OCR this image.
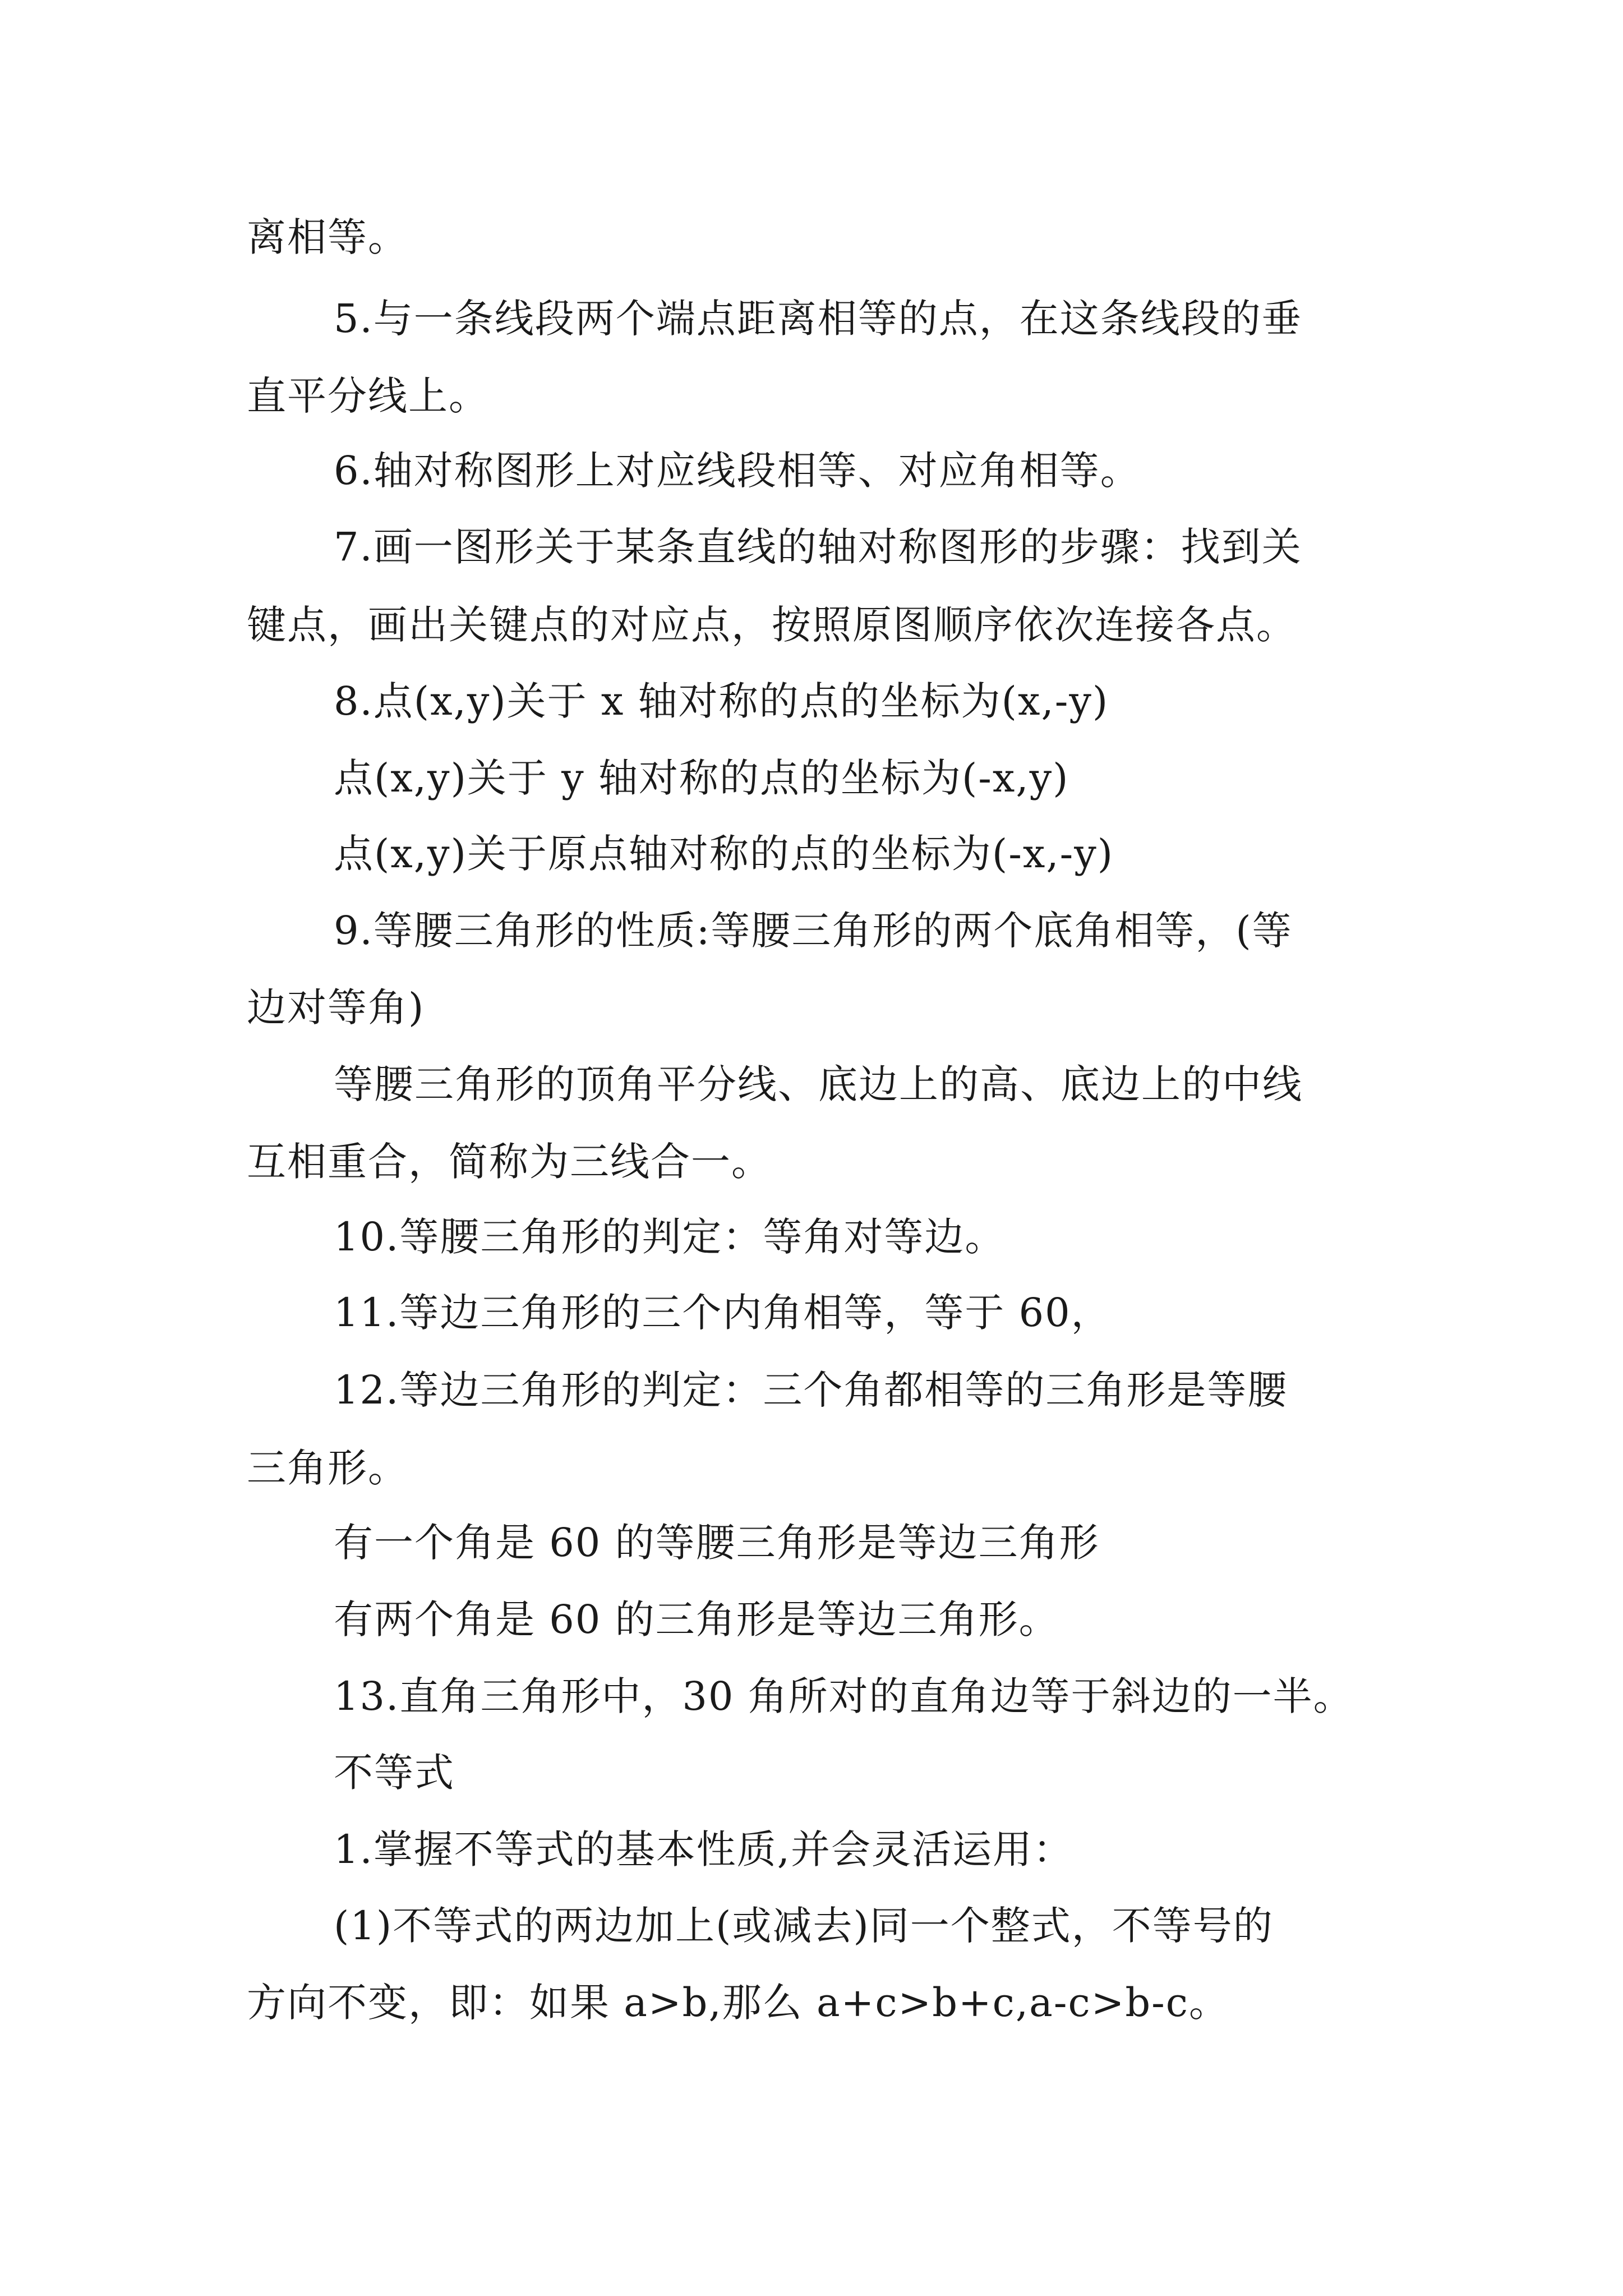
离相等。
5.与一条线段两个端点距离相等的点，在这条线段的垂
直平分线上。
6.轴对称图形上对应线段相等、对应角相等。
7.画一图形关于某条直线的轴对称图形的步骤：找到关
键点，画出关键点的对应点，按照原图顺序依次连接各点。
8.点(x,y)关于 x 轴对称的点的坐标为(x,-y)
点(x,y)关于 y 轴对称的点的坐标为(-x,y)
点(x,y)关于原点轴对称的点的坐标为(-x,-y)
9.等腰三角形的性质:等腰三角形的两个底角相等，(等
边对等角)
等腰三角形的顶角平分线、底边上的高、底边上的中线
互相重合，简称为三线合一。
10.等腰三角形的判定：等角对等边。
11.等边三角形的三个内角相等，等于 60，
12.等边三角形的判定：三个角都相等的三角形是等腰
三角形。
有一个角是 60 的等腰三角形是等边三角形
有两个角是 60 的三角形是等边三角形。
13.直角三角形中，30 角所对的直角边等于斜边的一半。
不等式
1.掌握不等式的基本性质,并会灵活运用：
(1)不等式的两边加上(或减去)同一个整式，不等号的
方向不变，即：如果 a>b,那么 a+c>b+c,a-c>b-c。
